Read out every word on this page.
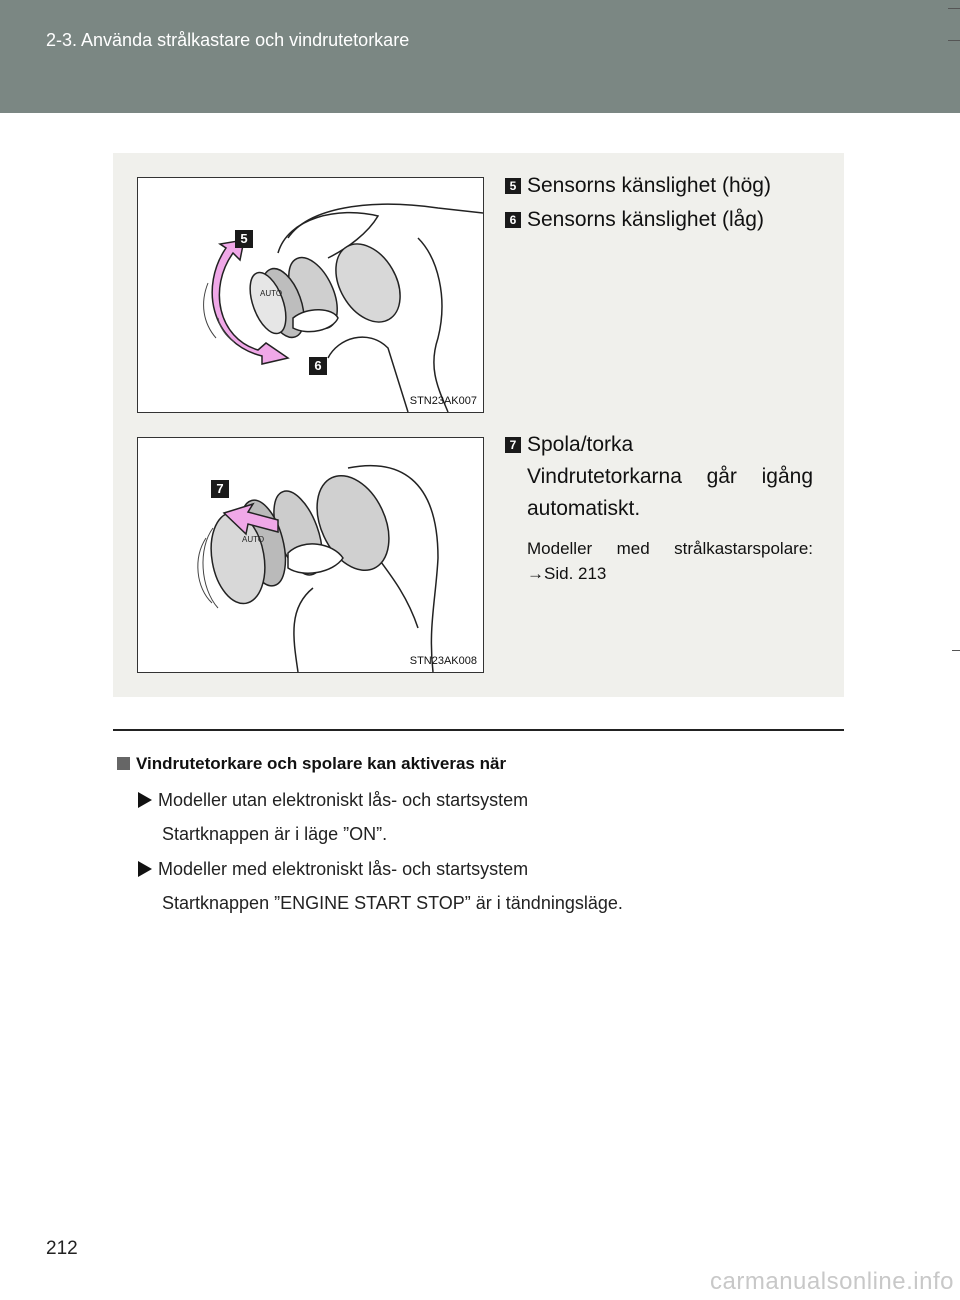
2-3. Använda strålkastare och vindrutetorkare
AUTO
5
6
STN23AK007
AUTO
7
STN23AK008
5 Sensorns känslighet (hög)
6 Sensorns känslighet (låg)
7 Spola/torka
Vindrutetorkarna går igång
automatiskt.
Modeller med strålkastarspolare:
→Sid. 213
Vindrutetorkare och spolare kan aktiveras när
Modeller utan elektroniskt lås- och startsystem
Startknappen är i läge ”ON”.
Modeller med elektroniskt lås- och startsystem
Startknappen ”ENGINE START STOP” är i tändningsläge.
212
carmanualsonline.info
